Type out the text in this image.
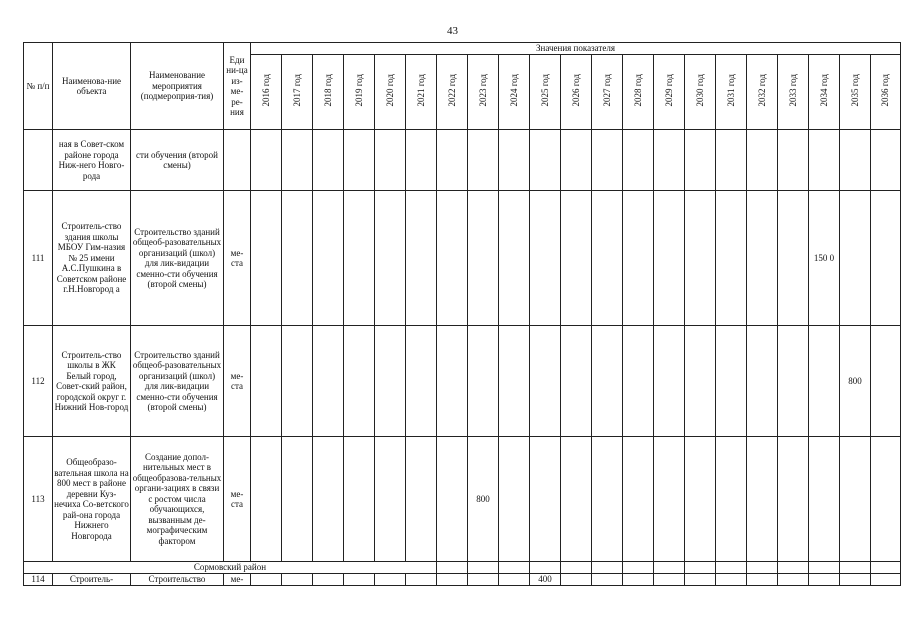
43
№ п/п	Наименова-ние объекта	Наименование мероприятия (подмероприя-тия)	Еди ни-ца из-ме-ре-ния	Значения показателя																				
				2016 год	2017 год	2018 год	2019 год	2020 год	2021 год	2022 год	2023 год	2024 год	2025 год	2026 год	2027 год	2028 год	2029 год	2030 год	2031 год	2032 год	2033 год	2034 год	2035 год	2036 год
	ная в Совет-ском районе города Ниж-него Новго-рода	сти обучения (второй смены)																						
111	Строитель-ство здания школы МБОУ Гим-назия № 25 имени А.С.Пушкина в Советском районе г.Н.Новгород а	Строительство зданий общеоб-разовательных организаций (школ) для лик-видации сменно-сти обучения (второй смены)	ме-ста																			150 0		
112	Строитель-ство школы в ЖК Белый город, Совет-ский район, городской округ г. Нижний Нов-город	Строительство зданий общеоб-разовательных организаций (школ) для лик-видации сменно-сти обучения (второй смены)	ме-ста																				800	
113	Общеобразо-вательная школа на 800 мест в районе деревни Куз-нечиха Со-ветского рай-она города Нижнего Новгорода	Создание допол-нительных мест в общеобразова-тельных органи-зациях в связи с ростом числа обучающихся, вызванным де-мографическим фактором	ме-ста								800													
Сормовский район																								
114	Строитель-	Строительство	ме-										400											
